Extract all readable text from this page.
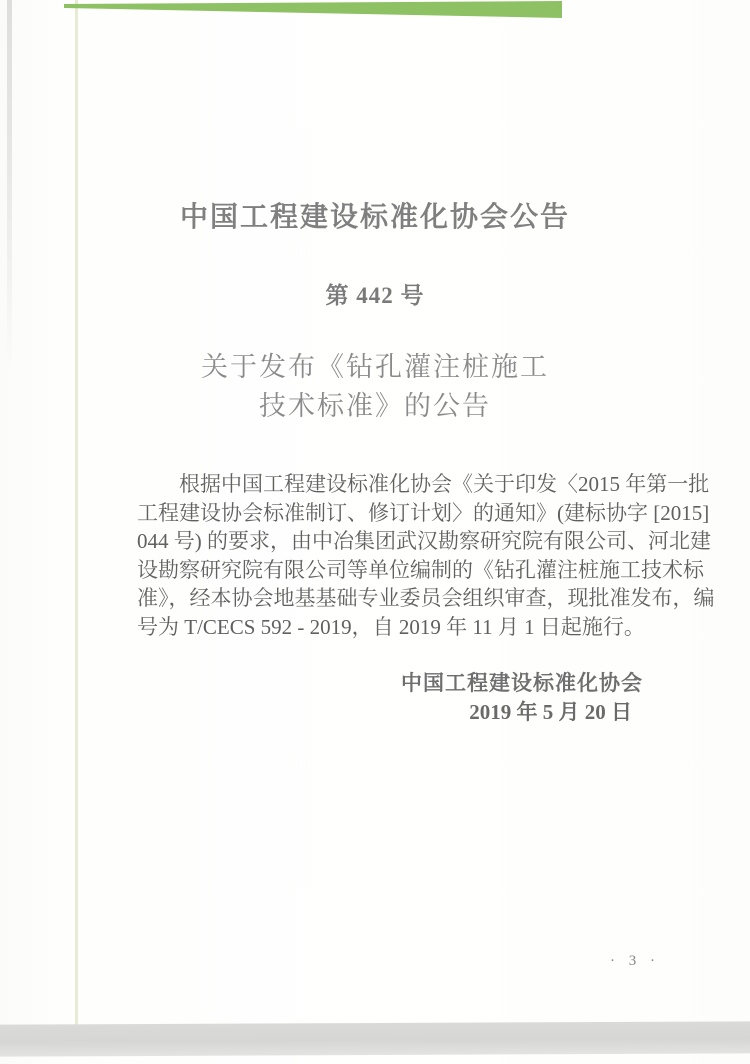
中国工程建设标准化协会公告
第 442 号
关于发布《钻孔灌注桩施工
技术标准》的公告
根据中国工程建设标准化协会《关于印发〈2015 年第一批
工程建设协会标准制订、修订计划〉的通知》(建标协字 [2015]
044 号) 的要求，由中冶集团武汉勘察研究院有限公司、河北建
设勘察研究院有限公司等单位编制的《钻孔灌注桩施工技术标
准》，经本协会地基基础专业委员会组织审查，现批准发布，编
号为 T/CECS 592 - 2019，自 2019 年 11 月 1 日起施行。
中国工程建设标准化协会
2019 年 5 月 20 日
· 3 ·
